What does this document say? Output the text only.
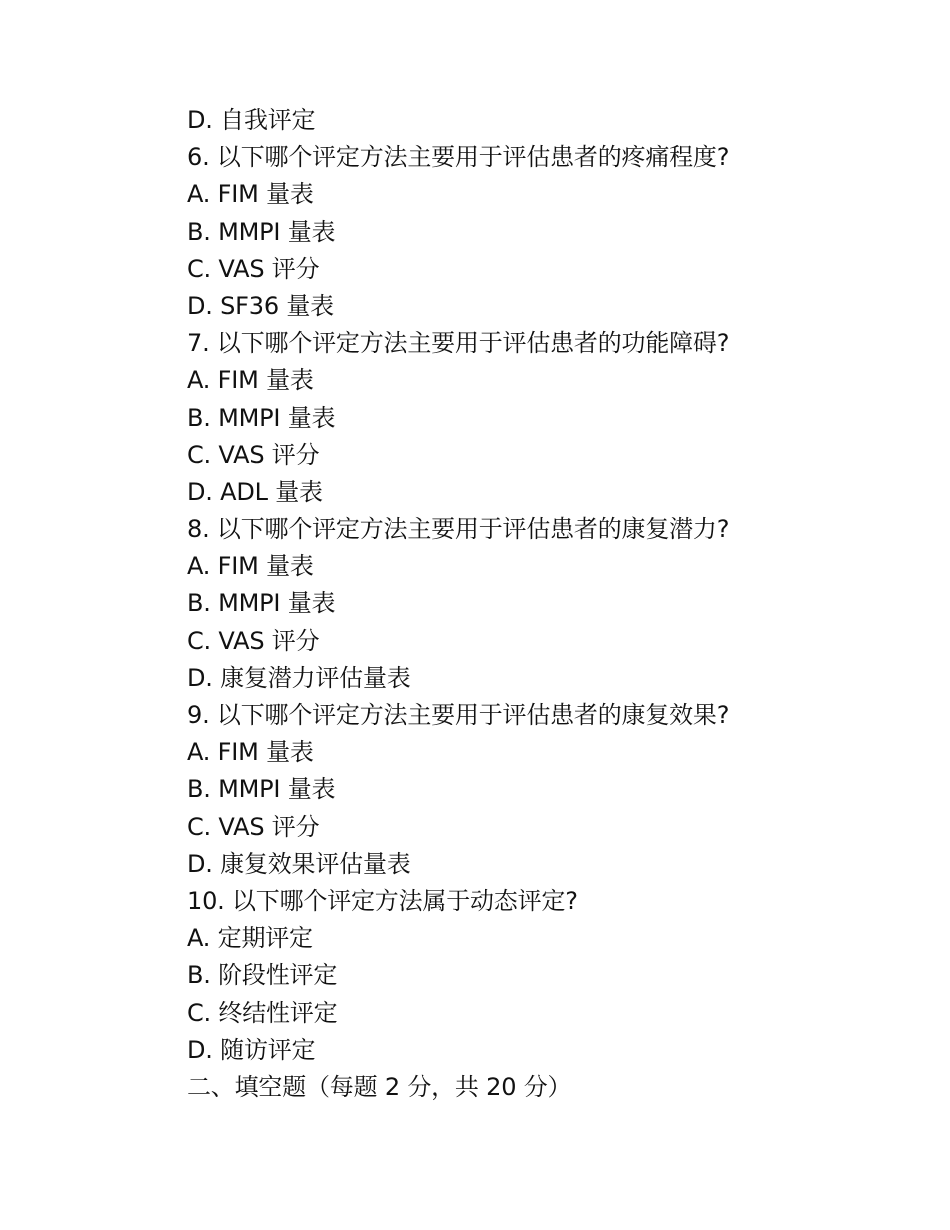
D. 自我评定
6. 以下哪个评定方法主要用于评估患者的疼痛程度?
A. FIM 量表
B. MMPI 量表
C. VAS 评分
D. SF36 量表
7. 以下哪个评定方法主要用于评估患者的功能障碍?
A. FIM 量表
B. MMPI 量表
C. VAS 评分
D. ADL 量表
8. 以下哪个评定方法主要用于评估患者的康复潜力?
A. FIM 量表
B. MMPI 量表
C. VAS 评分
D. 康复潜力评估量表
9. 以下哪个评定方法主要用于评估患者的康复效果?
A. FIM 量表
B. MMPI 量表
C. VAS 评分
D. 康复效果评估量表
10. 以下哪个评定方法属于动态评定?
A. 定期评定
B. 阶段性评定
C. 终结性评定
D. 随访评定
二、填空题（每题 2 分，共 20 分）
